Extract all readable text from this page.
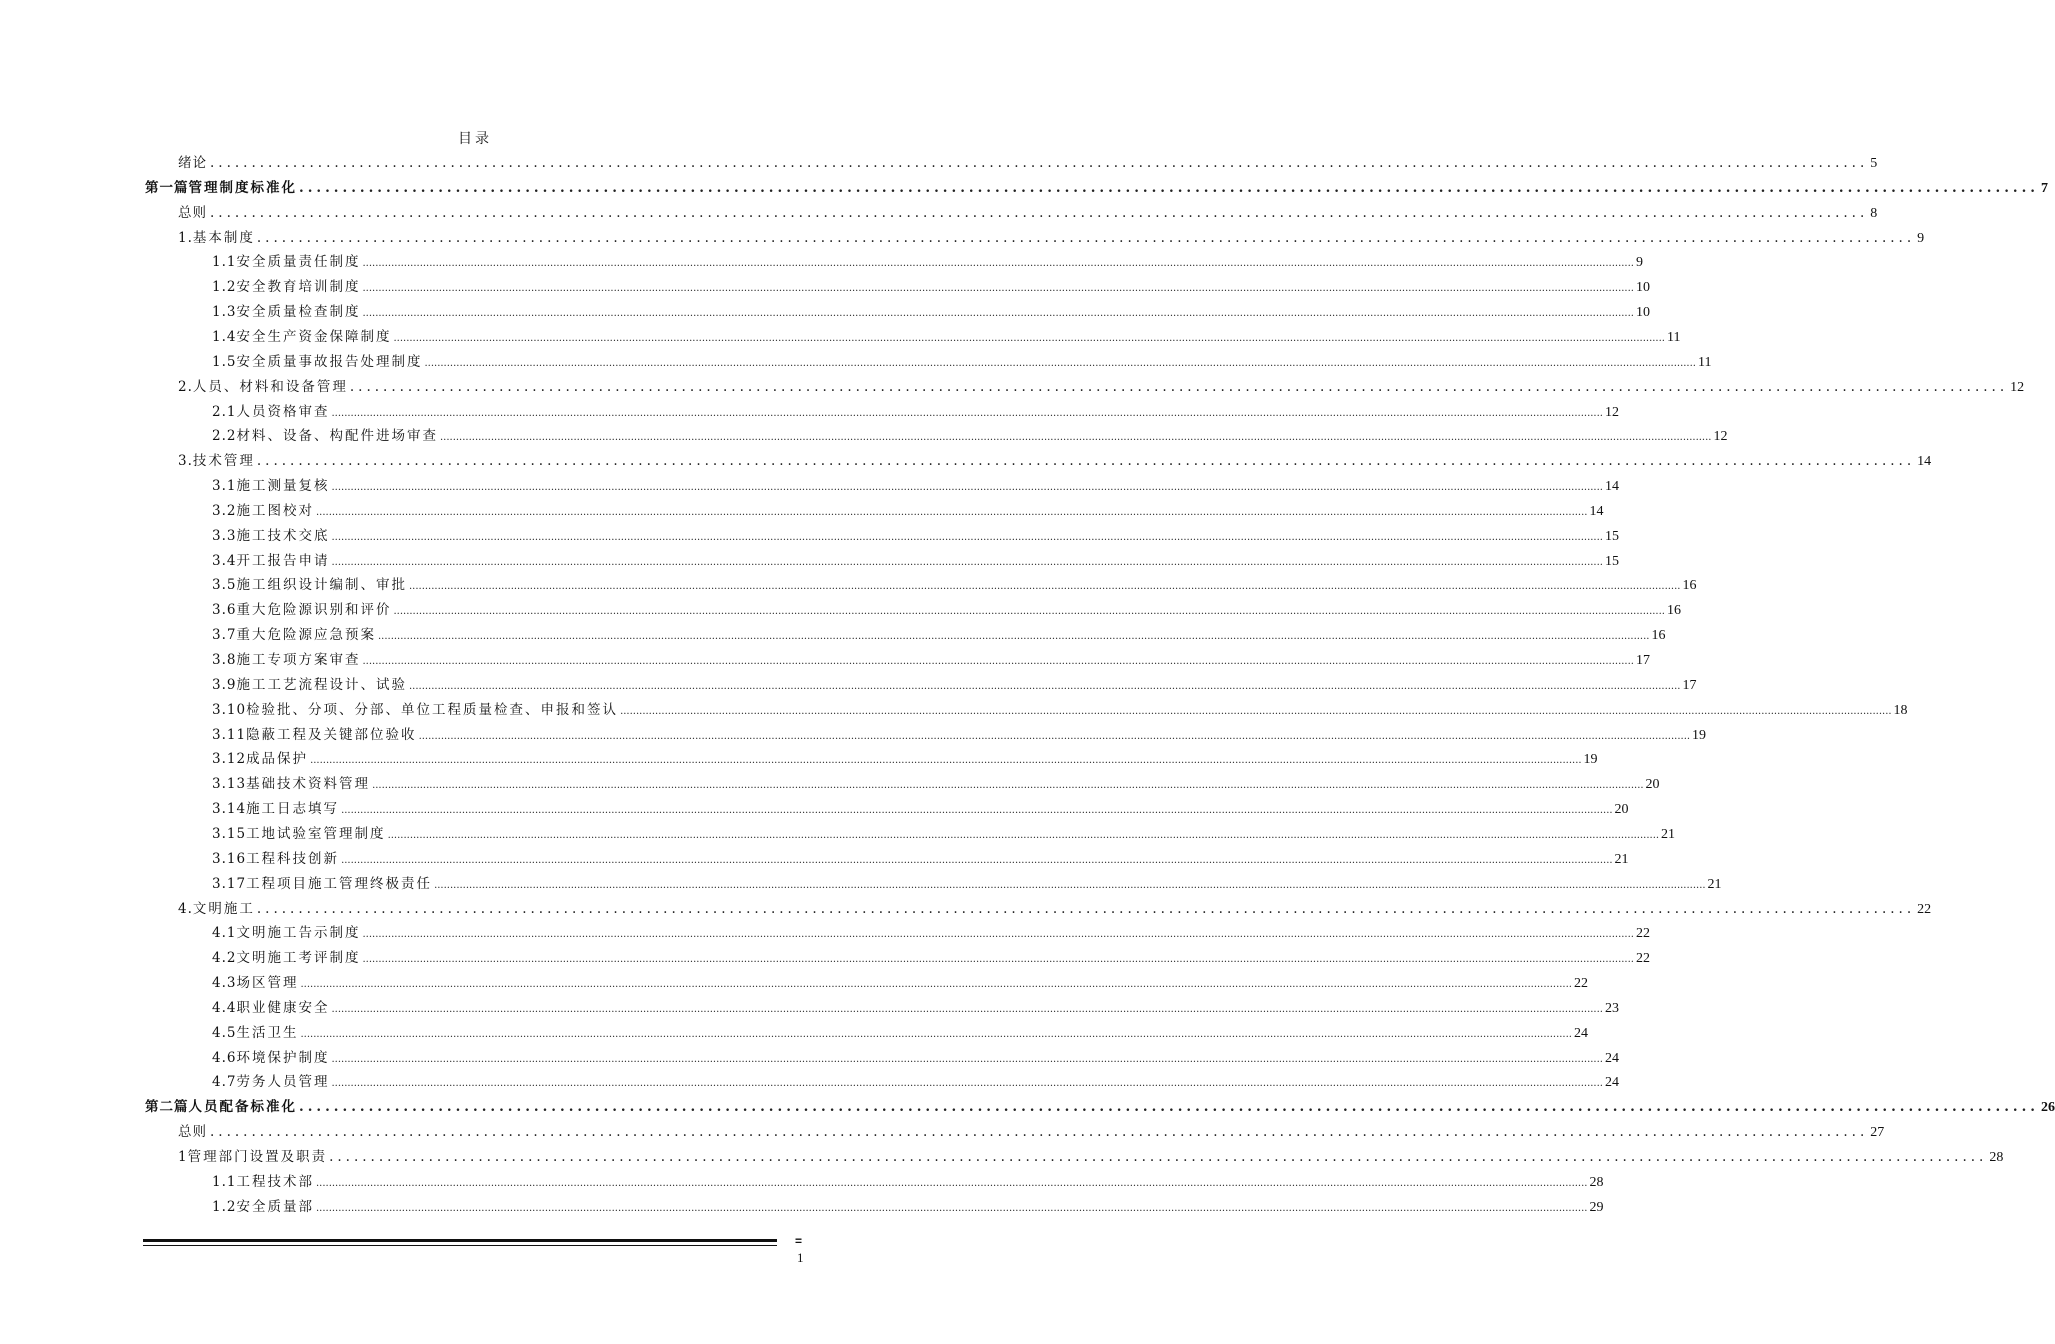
目录
绪 论 ........................................................................................................................................................................................................ 5
第一篇 管理制度标准化 ........................................................................................................................................................................................................ 7
总 则 ........................................................................................................................................................................................................ 8
1. 基本制度 ........................................................................................................................................................................................................ 9
1.1 安全质量责任制度 ................................................................................................................................................................................................................................................................................................................................................................................................................ 9
1.2 安全教育培训制度 ................................................................................................................................................................................................................................................................................................................................................................................................................ 10
1.3 安全质量检查制度 ................................................................................................................................................................................................................................................................................................................................................................................................................ 10
1.4 安全生产资金保障制度 ................................................................................................................................................................................................................................................................................................................................................................................................................ 11
1.5 安全质量事故报告处理制度 ................................................................................................................................................................................................................................................................................................................................................................................................................ 11
2. 人员、材料和设备管理 ........................................................................................................................................................................................................ 12
2.1 人员资格审查 ................................................................................................................................................................................................................................................................................................................................................................................................................ 12
2.2 材料、设备、构配件进场审查 ................................................................................................................................................................................................................................................................................................................................................................................................................ 12
3. 技术管理 ........................................................................................................................................................................................................ 14
3.1 施工测量复核 ................................................................................................................................................................................................................................................................................................................................................................................................................ 14
3.2 施工图校对 ................................................................................................................................................................................................................................................................................................................................................................................................................ 14
3.3 施工技术交底 ................................................................................................................................................................................................................................................................................................................................................................................................................ 15
3.4 开工报告申请 ................................................................................................................................................................................................................................................................................................................................................................................................................ 15
3.5 施工组织设计编制、审批 ................................................................................................................................................................................................................................................................................................................................................................................................................ 16
3.6 重大危险源识别和评价 ................................................................................................................................................................................................................................................................................................................................................................................................................ 16
3.7 重大危险源应急预案 ................................................................................................................................................................................................................................................................................................................................................................................................................ 16
3.8 施工专项方案审查 ................................................................................................................................................................................................................................................................................................................................................................................................................ 17
3.9 施工工艺流程设计、试验 ................................................................................................................................................................................................................................................................................................................................................................................................................ 17
3.10 检验批、分项、分部、单位工程质量检查、申报和签认 ................................................................................................................................................................................................................................................................................................................................................................................................................ 18
3.11 隐蔽工程及关键部位验收 ................................................................................................................................................................................................................................................................................................................................................................................................................ 19
3.12 成品保护 ................................................................................................................................................................................................................................................................................................................................................................................................................ 19
3.13 基础技术资料管理 ................................................................................................................................................................................................................................................................................................................................................................................................................ 20
3.14 施工日志填写 ................................................................................................................................................................................................................................................................................................................................................................................................................ 20
3.15 工地试验室管理制度 ................................................................................................................................................................................................................................................................................................................................................................................................................ 21
3.16 工程科技创新 ................................................................................................................................................................................................................................................................................................................................................................................................................ 21
3.17 工程项目施工管理终极责任 ................................................................................................................................................................................................................................................................................................................................................................................................................ 21
4. 文明施工 ........................................................................................................................................................................................................ 22
4.1 文明施工告示制度 ................................................................................................................................................................................................................................................................................................................................................................................................................ 22
4.2 文明施工考评制度 ................................................................................................................................................................................................................................................................................................................................................................................................................ 22
4.3 场区管理 ................................................................................................................................................................................................................................................................................................................................................................................................................ 22
4.4 职业健康安全 ................................................................................................................................................................................................................................................................................................................................................................................................................ 23
4.5 生活卫生 ................................................................................................................................................................................................................................................................................................................................................................................................................ 24
4.6 环境保护制度 ................................................................................................................................................................................................................................................................................................................................................................................................................ 24
4.7 劳务人员管理 ................................................................................................................................................................................................................................................................................................................................................................................................................ 24
第二篇 人员配备标准化 ........................................................................................................................................................................................................ 26
总 则 ........................................................................................................................................................................................................ 27
1 管理部门设置及职责 ........................................................................................................................................................................................................ 28
1.1 工程技术部 ................................................................................................................................................................................................................................................................................................................................................................................................................ 28
1.2 安全质量部 ................................................................................................................................................................................................................................................................................................................................................................................................................ 29
=
1
